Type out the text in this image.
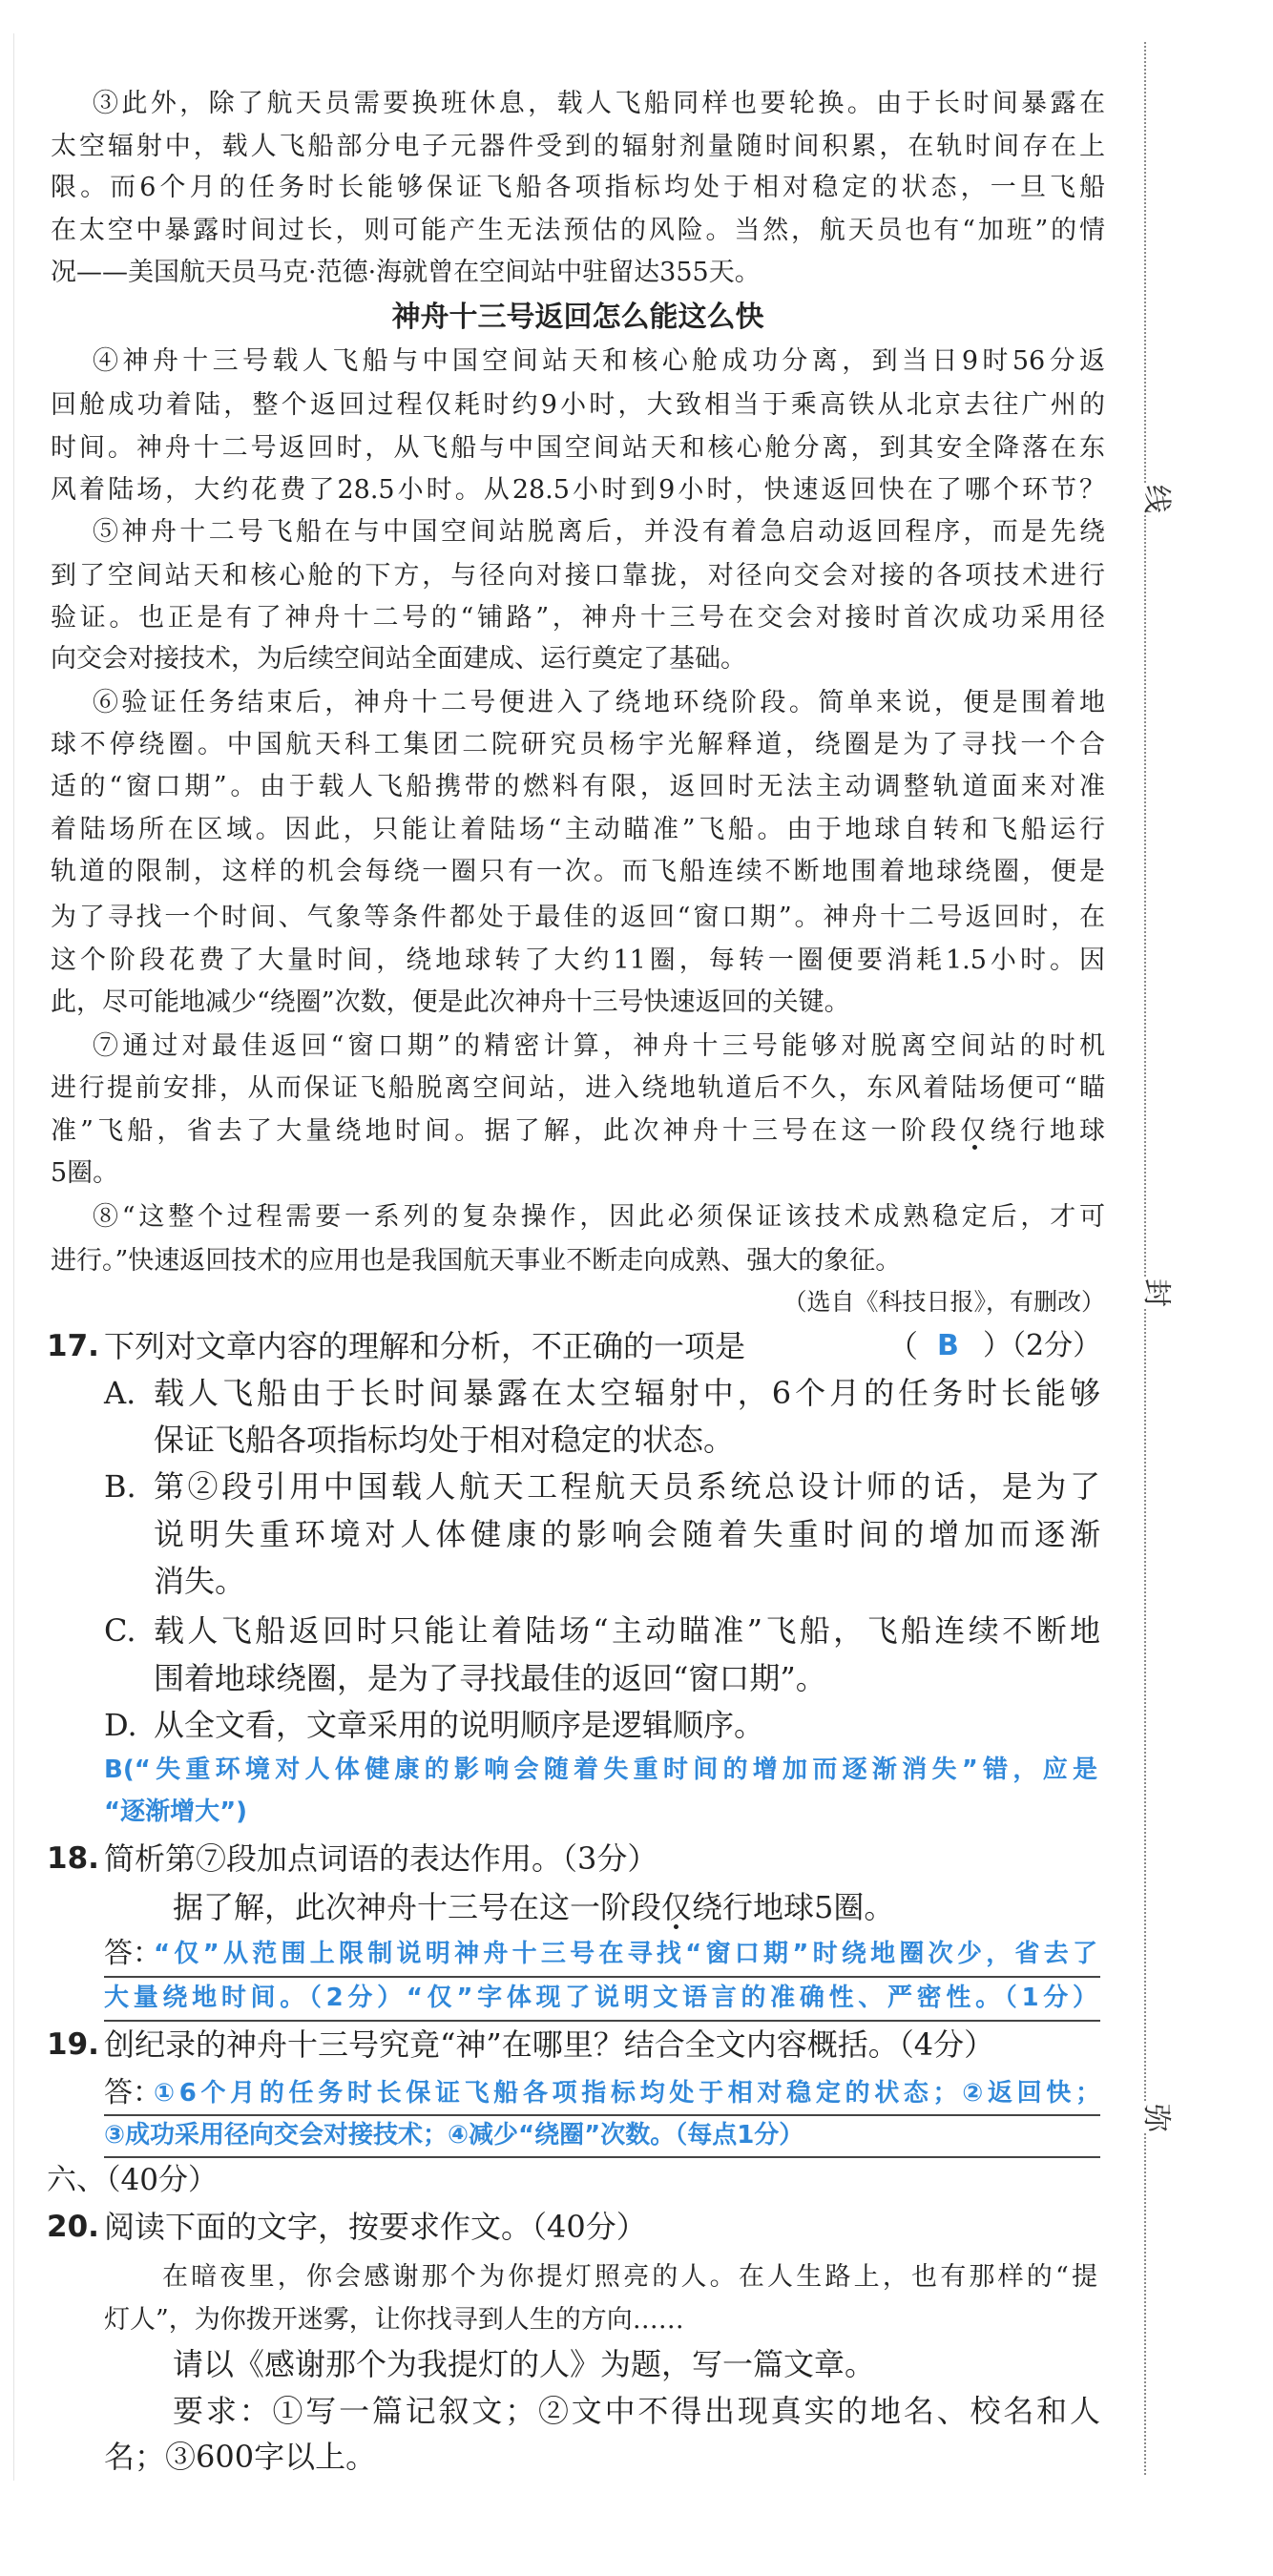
线
封
弥
③此外，除了航天员需要换班休息，载人飞船同样也要轮换。由于长时间暴露在
太空辐射中，载人飞船部分电子元器件受到的辐射剂量随时间积累，在轨时间存在上
限。而6个月的任务时长能够保证飞船各项指标均处于相对稳定的状态，一旦飞船
在太空中暴露时间过长，则可能产生无法预估的风险。当然，航天员也有“加班”的情
况——美国航天员马克·范德·海就曾在空间站中驻留达355天。
神舟十三号返回怎么能这么快
④神舟十三号载人飞船与中国空间站天和核心舱成功分离，到当日9时56分返
回舱成功着陆，整个返回过程仅耗时约9小时，大致相当于乘高铁从北京去往广州的
时间。神舟十二号返回时，从飞船与中国空间站天和核心舱分离，到其安全降落在东
风着陆场，大约花费了28.5小时。从28.5小时到9小时，快速返回快在了哪个环节？
⑤神舟十二号飞船在与中国空间站脱离后，并没有着急启动返回程序，而是先绕
到了空间站天和核心舱的下方，与径向对接口靠拢，对径向交会对接的各项技术进行
验证。也正是有了神舟十二号的“铺路”，神舟十三号在交会对接时首次成功采用径
向交会对接技术，为后续空间站全面建成、运行奠定了基础。
⑥验证任务结束后，神舟十二号便进入了绕地环绕阶段。简单来说，便是围着地
球不停绕圈。中国航天科工集团二院研究员杨宇光解释道，绕圈是为了寻找一个合
适的“窗口期”。由于载人飞船携带的燃料有限，返回时无法主动调整轨道面来对准
着陆场所在区域。因此，只能让着陆场“主动瞄准”飞船。由于地球自转和飞船运行
轨道的限制，这样的机会每绕一圈只有一次。而飞船连续不断地围着地球绕圈，便是
为了寻找一个时间、气象等条件都处于最佳的返回“窗口期”。神舟十二号返回时，在
这个阶段花费了大量时间，绕地球转了大约11圈，每转一圈便要消耗1.5小时。因
此，尽可能地减少“绕圈”次数，便是此次神舟十三号快速返回的关键。
⑦通过对最佳返回“窗口期”的精密计算，神舟十三号能够对脱离空间站的时机
进行提前安排，从而保证飞船脱离空间站，进入绕地轨道后不久，东风着陆场便可“瞄
准”飞船，省去了大量绕地时间。据了解，此次神舟十三号在这一阶段仅绕行地球
5圈。
⑧“这整个过程需要一系列的复杂操作，因此必须保证该技术成熟稳定后，才可
进行。”快速返回技术的应用也是我国航天事业不断走向成熟、强大的象征。
（选自《科技日报》，有删改）
17. 下列对文章内容的理解和分析，不正确的一项是	（ B ）（2分）
A. 载人飞船由于长时间暴露在太空辐射中，6个月的任务时长能够
保证飞船各项指标均处于相对稳定的状态。
B. 第②段引用中国载人航天工程航天员系统总设计师的话，是为了
说明失重环境对人体健康的影响会随着失重时间的增加而逐渐
消失。
C. 载人飞船返回时只能让着陆场“主动瞄准”飞船，飞船连续不断地
围着地球绕圈，是为了寻找最佳的返回“窗口期”。
D. 从全文看，文章采用的说明顺序是逻辑顺序。
B(“失重环境对人体健康的影响会随着失重时间的增加而逐渐消失”错，应是
“逐渐增大”)
18. 简析第⑦段加点词语的表达作用。（3分）
据了解，此次神舟十三号在这一阶段仅绕行地球5圈。
答：
“仅”从范围上限制说明神舟十三号在寻找“窗口期”时绕地圈次少，省去了
大量绕地时间。（2分）“仅”字体现了说明文语言的准确性、严密性。（1分）
19. 创纪录的神舟十三号究竟“神”在哪里？结合全文内容概括。（4分）
答：
①6个月的任务时长保证飞船各项指标均处于相对稳定的状态；②返回快；
③成功采用径向交会对接技术；④减少“绕圈”次数。（每点1分）
六、（40分）
20. 阅读下面的文字，按要求作文。（40分）
在暗夜里，你会感谢那个为你提灯照亮的人。在人生路上，也有那样的“提
灯人”，为你拨开迷雾，让你找寻到人生的方向……
请以《感谢那个为我提灯的人》为题，写一篇文章。
要求：①写一篇记叙文；②文中不得出现真实的地名、校名和人
名；③600字以上。
